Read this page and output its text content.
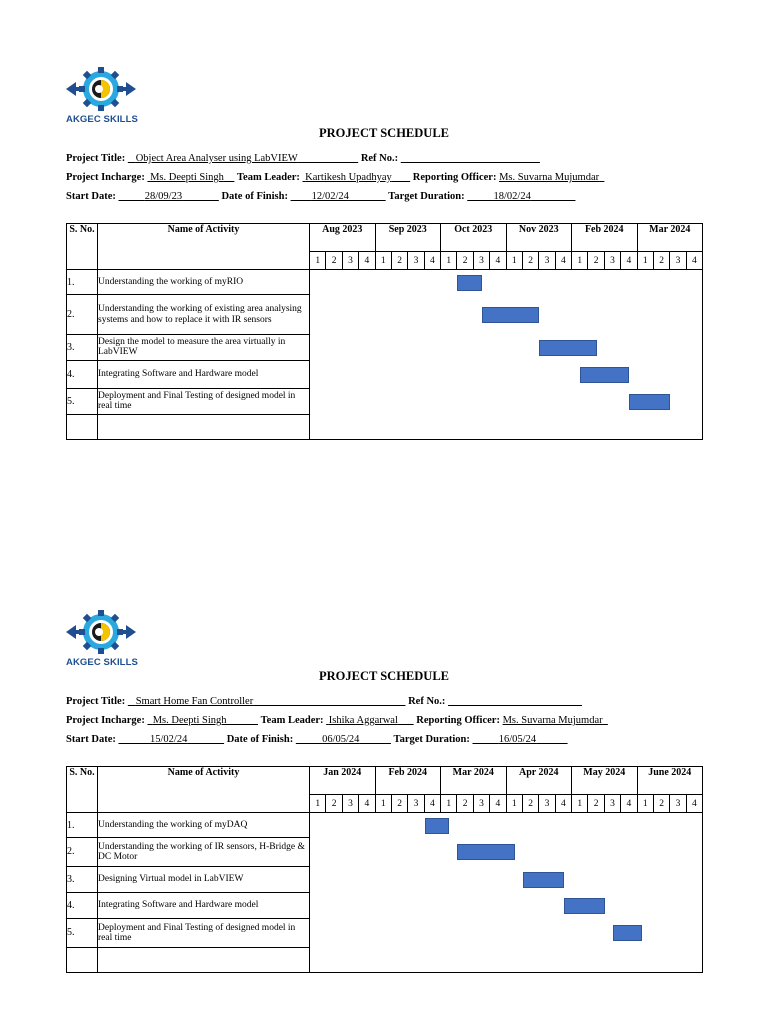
AKGEC SKILLS
PROJECT SCHEDULE
Project Title: Object Area Analyser using LabVIEW	Ref No.:
Project Incharge: Ms. Deepti Singh Team Leader: Kartikesh Upadhyay Reporting Officer: Ms. Suvarna Mujumdar
Start Date:	28/09/23	Date of Finish: 12/02/24	Target Duration:	18/02/24
S. No.	Name of Activity	Aug 2023				Sep 2023				Oct 2023				Nov 2023				Feb 2024				Mar 2024			
		1	2	3	4	1	2	3	4	1	2	3	4	1	2	3	4	1	2	3	4	1	2	3	4
1.	Understanding the working of myRIO																								

2.	Understanding the working of existing area analysing systems and how to replace it with IR sensors																								
3.	Design the model to measure the area virtually in LabVIEW																								
4.	Integrating Software and Hardware model																								
5.	Deployment and Final Testing of designed model in real time																								

AKGEC SKILLS
PROJECT SCHEDULE
Project Title: Smart Home Fan Controller	Ref No.:
Project Incharge: Ms. Deepti Singh	Team Leader: Ishika Aggarwal Reporting Officer: Ms. Suvarna Mujumdar
Start Date:	15/02/24	Date of Finish:	06/05/24	Target Duration:	16/05/24
S. No.	Name of Activity	Jan 2024				Feb 2024				Mar 2024				Apr 2024				May 2024				June 2024			
		1	2	3	4	1	2	3	4	1	2	3	4	1	2	3	4	1	2	3	4	1	2	3	4
1.	Understanding the working of myDAQ																								

2.	Understanding the working of IR sensors, H-Bridge & DC Motor																								
3.	Designing Virtual model in LabVIEW																								
4.	Integrating Software and Hardware model																								
5.	Deployment and Final Testing of designed model in real time																								
